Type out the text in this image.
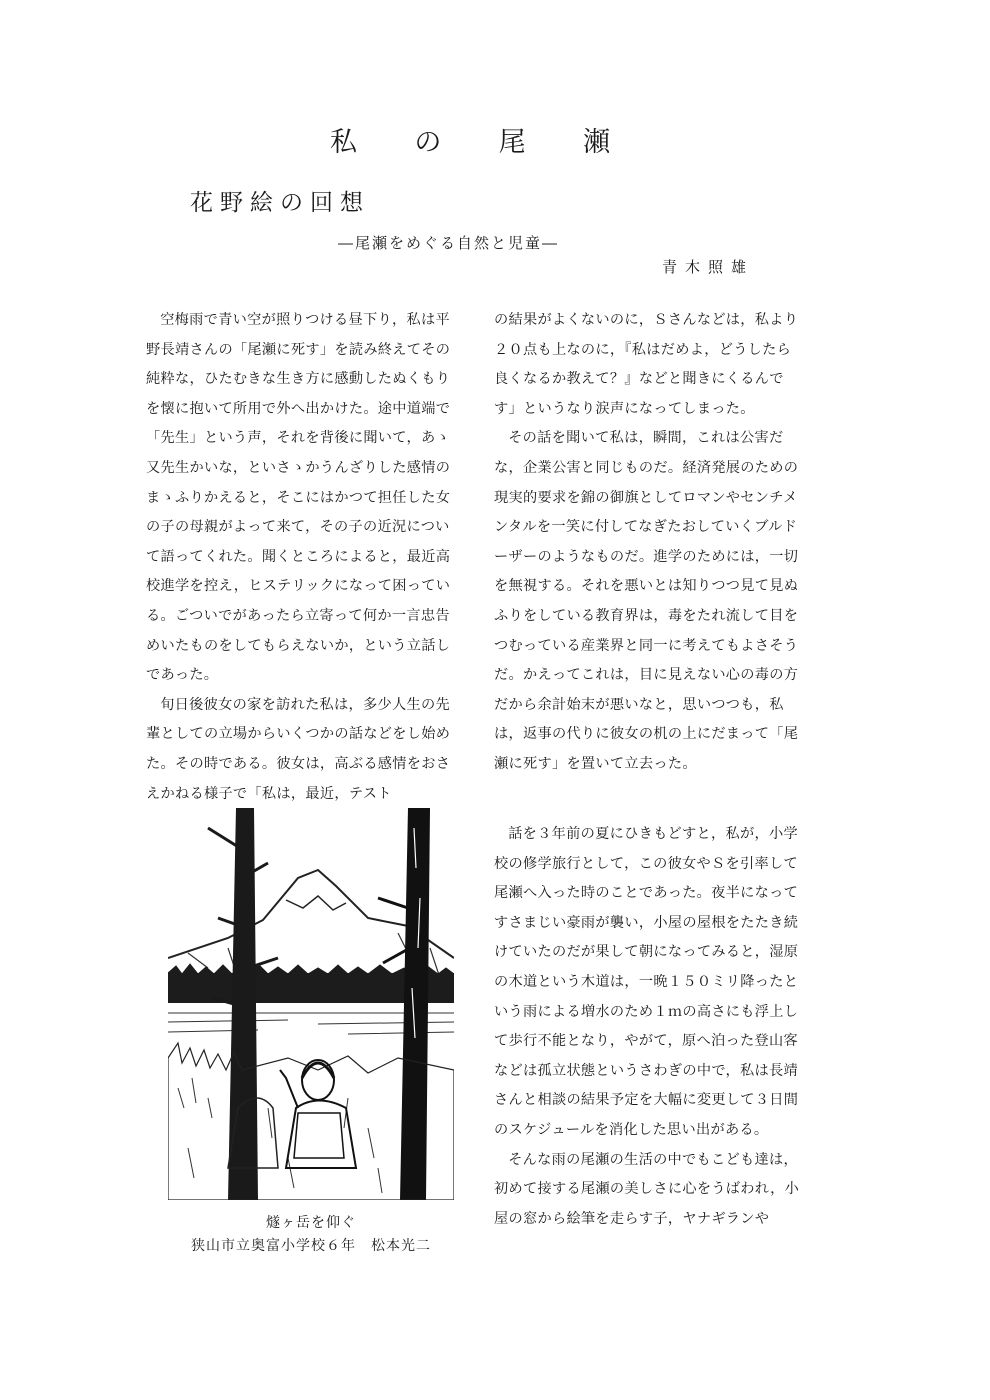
私 の 尾 瀬
花野絵の回想
―尾瀬をめぐる自然と児童―
青木照雄

空梅雨で青い空が照りつける昼下り，私は平野長靖さんの「尾瀬に死す」を読み終えてその純粋な，ひたむきな生き方に感動したぬくもりを懐に抱いて所用で外へ出かけた。途中道端で「先生」という声，それを背後に聞いて，あゝ又先生かいな，といさゝかうんざりした感情のまゝふりかえると，そこにはかつて担任した女の子の母親がよって来て，その子の近況について語ってくれた。聞くところによると，最近高校進学を控え，ヒステリックになって困っている。ごついでがあったら立寄って何か一言忠告めいたものをしてもらえないか，という立話しであった。

旬日後彼女の家を訪れた私は，多少人生の先輩としての立場からいくつかの話などをし始めた。その時である。彼女は，高ぶる感情をおさえかねる様子で「私は，最近，テスト

の結果がよくないのに，Ｓさんなどは，私より２０点も上なのに，『私はだめよ，どうしたら良くなるか教えて？』などと聞きにくるんです」というなり涙声になってしまった。

その話を聞いて私は，瞬間，これは公害だな，企業公害と同じものだ。経済発展のための現実的要求を錦の御旗としてロマンやセンチメンタルを一笑に付してなぎたおしていくブルドーザーのようなものだ。進学のためには，一切を無視する。それを悪いとは知りつつ見て見ぬふりをしている教育界は，毒をたれ流して目をつむっている産業界と同一に考えてもよさそうだ。かえってこれは，目に見えない心の毒の方だから余計始末が悪いなと，思いつつも，私は，返事の代りに彼女の机の上にだまって「尾瀬に死す」を置いて立去った。

話を３年前の夏にひきもどすと，私が，小学校の修学旅行として，この彼女やＳを引率して尾瀬へ入った時のことであった。夜半になってすさまじい豪雨が襲い，小屋の屋根をたたき続けていたのだが果して朝になってみると，湿原の木道という木道は，一晩１５０ミリ降ったという雨による増水のため１ｍの高さにも浮上して歩行不能となり，やがて，原へ泊った登山客などは孤立状態というさわぎの中で，私は長靖さんと相談の結果予定を大幅に変更して３日間のスケジュールを消化した思い出がある。

そんな雨の尾瀬の生活の中でもこども達は，初めて接する尾瀬の美しさに心をうばわれ，小屋の窓から絵筆を走らす子，ヤナギランや

燧ヶ岳を仰ぐ
狭山市立奥富小学校６年　松本光二
